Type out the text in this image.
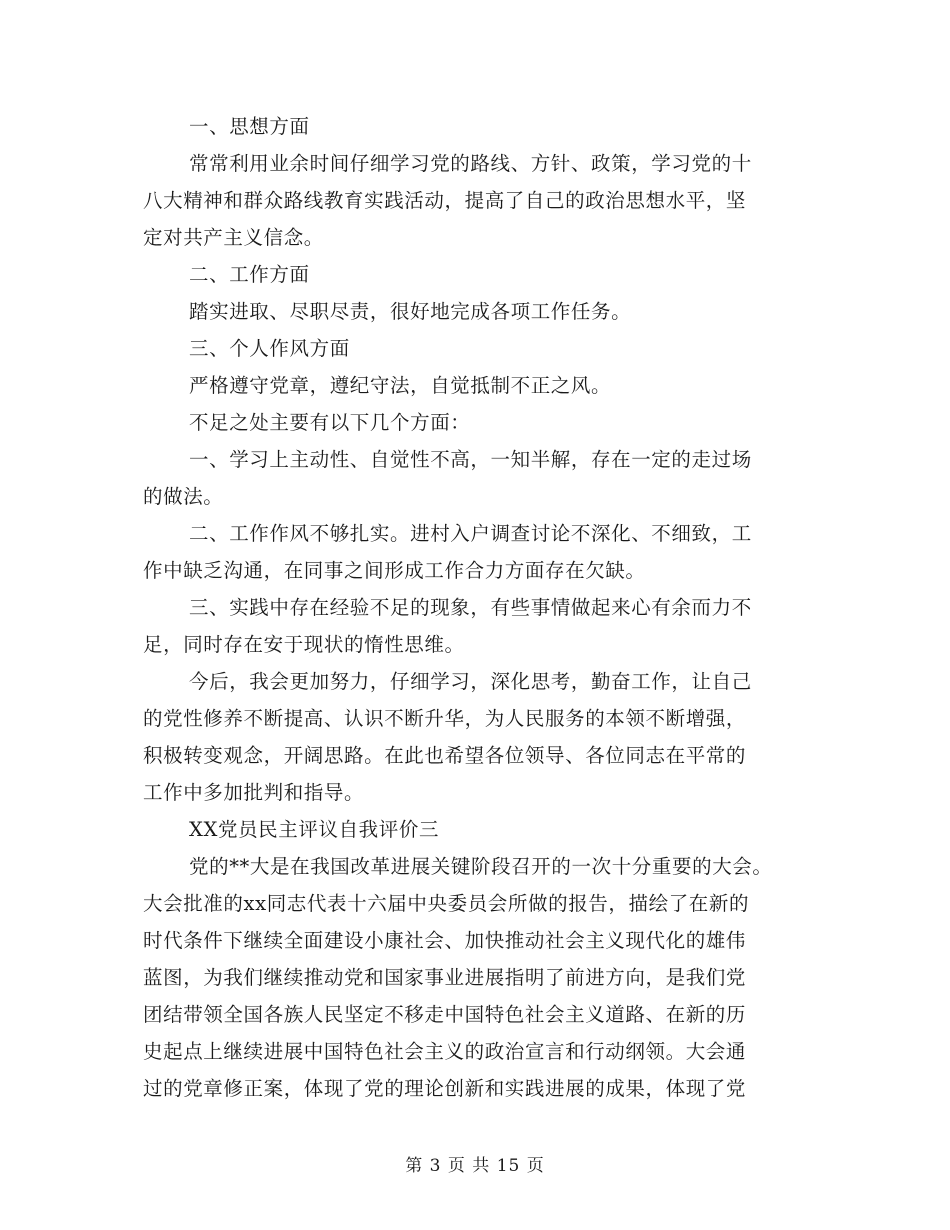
一、思想方面
常常利用业余时间仔细学习党的路线、方针、政策，学习党的十
八大精神和群众路线教育实践活动，提高了自己的政治思想水平，坚
定对共产主义信念。
二、工作方面
踏实进取、尽职尽责，很好地完成各项工作任务。
三、个人作风方面
严格遵守党章，遵纪守法，自觉抵制不正之风。
不足之处主要有以下几个方面：
一、学习上主动性、自觉性不高，一知半解，存在一定的走过场
的做法。
二、工作作风不够扎实。进村入户调查讨论不深化、不细致，工
作中缺乏沟通，在同事之间形成工作合力方面存在欠缺。
三、实践中存在经验不足的现象，有些事情做起来心有余而力不
足，同时存在安于现状的惰性思维。
今后，我会更加努力，仔细学习，深化思考，勤奋工作，让自己
的党性修养不断提高、认识不断升华，为人民服务的本领不断增强，
积极转变观念，开阔思路。在此也希望各位领导、各位同志在平常的
工作中多加批判和指导。
XX党员民主评议自我评价三
党的**大是在我国改革进展关键阶段召开的一次十分重要的大会。
大会批准的xx同志代表十六届中央委员会所做的报告，描绘了在新的
时代条件下继续全面建设小康社会、加快推动社会主义现代化的雄伟
蓝图，为我们继续推动党和国家事业进展指明了前进方向，是我们党
团结带领全国各族人民坚定不移走中国特色社会主义道路、在新的历
史起点上继续进展中国特色社会主义的政治宣言和行动纲领。大会通
过的党章修正案，体现了党的理论创新和实践进展的成果，体现了党
第 3 页 共 15 页
